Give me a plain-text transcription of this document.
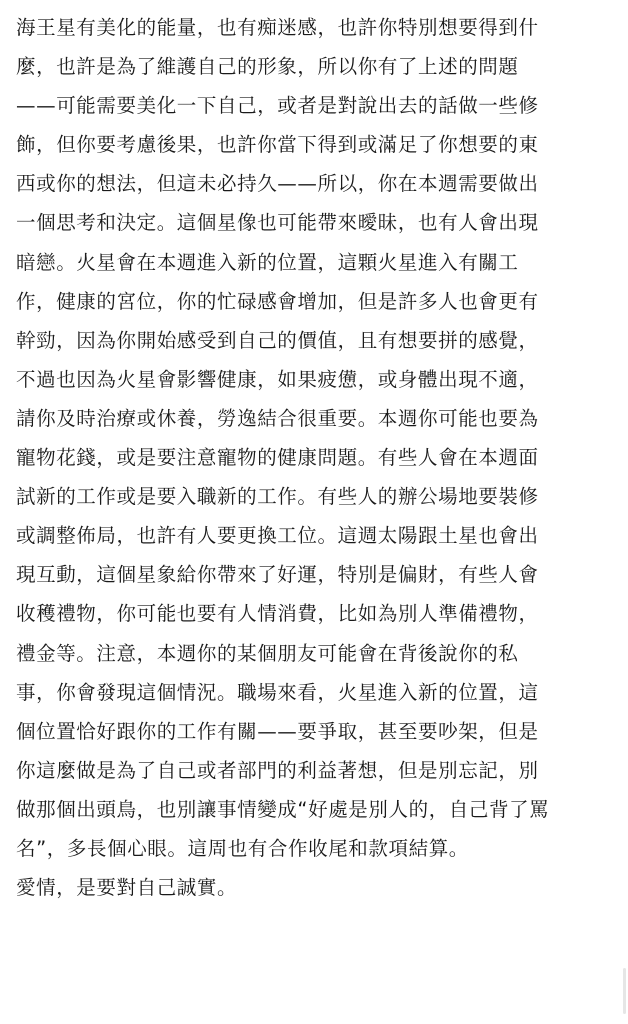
海王星有美化的能量，也有痴迷感，也許你特別想要得到什
麼，也許是為了維護自己的形象，所以你有了上述的問題
——可能需要美化一下自己，或者是對說出去的話做一些修
飾，但你要考慮後果，也許你當下得到或滿足了你想要的東
西或你的想法，但這未必持久——所以，你在本週需要做出
一個思考和決定。這個星像也可能帶來曖昧，也有人會出現
暗戀。火星會在本週進入新的位置，這顆火星進入有關工
作，健康的宮位，你的忙碌感會增加，但是許多人也會更有
幹勁，因為你開始感受到自己的價值，且有想要拼的感覺，
不過也因為火星會影響健康，如果疲憊，或身體出現不適，
請你及時治療或休養，勞逸結合很重要。本週你可能也要為
寵物花錢，或是要注意寵物的健康問題。有些人會在本週面
試新的工作或是要入職新的工作。有些人的辦公場地要裝修
或調整佈局，也許有人要更換工位。這週太陽跟土星也會出
現互動，這個星象給你帶來了好運，特別是偏財，有些人會
收穫禮物，你可能也要有人情消費，比如為別人準備禮物，
禮金等。注意，本週你的某個朋友可能會在背後說你的私
事，你會發現這個情況。職場來看，火星進入新的位置，這
個位置恰好跟你的工作有關——要爭取，甚至要吵架，但是
你這麼做是為了自己或者部門的利益著想，但是別忘記，別
做那個出頭鳥，也別讓事情變成“好處是別人的，自己背了罵
名”，多長個心眼。這周也有合作收尾和款項結算。
愛情，是要對自己誠實。
